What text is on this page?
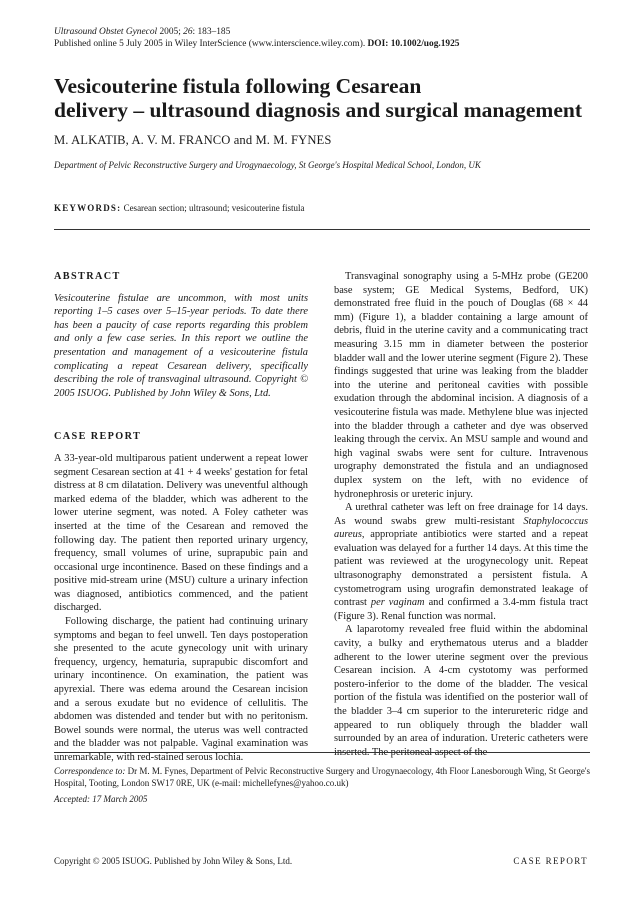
Ultrasound Obstet Gynecol 2005; 26: 183–185
Published online 5 July 2005 in Wiley InterScience (www.interscience.wiley.com). DOI: 10.1002/uog.1925
Vesicouterine fistula following Cesarean
delivery – ultrasound diagnosis and surgical management
M. ALKATIB, A. V. M. FRANCO and M. M. FYNES
Department of Pelvic Reconstructive Surgery and Urogynaecology, St George's Hospital Medical School, London, UK
KEYWORDS: Cesarean section; ultrasound; vesicouterine fistula
ABSTRACT

Vesicouterine fistulae are uncommon, with most units reporting 1–5 cases over 5–15-year periods. To date there has been a paucity of case reports regarding this problem and only a few case series. In this report we outline the presentation and management of a vesicouterine fistula complicating a repeat Cesarean delivery, specifically describing the role of transvaginal ultrasound. Copyright © 2005 ISUOG. Published by John Wiley & Sons, Ltd.

CASE REPORT

A 33-year-old multiparous patient underwent a repeat lower segment Cesarean section at 41 + 4 weeks' gestation for fetal distress at 8 cm dilatation. Delivery was uneventful although marked edema of the bladder, which was adherent to the lower uterine segment, was noted. A Foley catheter was inserted at the time of the Cesarean and removed the following day. The patient then reported urinary urgency, frequency, small volumes of urine, suprapubic pain and occasional urge incontinence. Based on these findings and a positive mid-stream urine (MSU) culture a urinary infection was diagnosed, antibiotics commenced, and the patient discharged.

Following discharge, the patient had continuing urinary symptoms and began to feel unwell. Ten days postoperation she presented to the acute gynecology unit with urinary frequency, urgency, hematuria, suprapubic discomfort and urinary incontinence. On examination, the patient was apyrexial. There was edema around the Cesarean incision and a serous exudate but no evidence of cellulitis. The abdomen was distended and tender but with no peritonism. Bowel sounds were normal, the uterus was well contracted and the bladder was not palpable. Vaginal examination was unremarkable, with red-stained serous lochia.

Transvaginal sonography using a 5-MHz probe (GE200 base system; GE Medical Systems, Bedford, UK) demonstrated free fluid in the pouch of Douglas (68 × 44 mm) (Figure 1), a bladder containing a large amount of debris, fluid in the uterine cavity and a communicating tract measuring 3.15 mm in diameter between the posterior bladder wall and the lower uterine segment (Figure 2). These findings suggested that urine was leaking from the bladder into the uterine and peritoneal cavities with possible exudation through the abdominal incision. A diagnosis of a vesicouterine fistula was made. Methylene blue was injected into the bladder through a catheter and dye was observed leaking through the cervix. An MSU sample and wound and high vaginal swabs were sent for culture. Intravenous urography demonstrated the fistula and an undiagnosed duplex system on the left, with no evidence of hydronephrosis or ureteric injury.

A urethral catheter was left on free drainage for 14 days. As wound swabs grew multi-resistant Staphylococcus aureus, appropriate antibiotics were started and a repeat evaluation was delayed for a further 14 days. At this time the patient was reviewed at the urogynecology unit. Repeat ultrasonography demonstrated a persistent fistula. A cystometrogram using urografin demonstrated leakage of contrast per vaginam and confirmed a 3.4-mm fistula tract (Figure 3). Renal function was normal.

A laparotomy revealed free fluid within the abdominal cavity, a bulky and erythematous uterus and a bladder adherent to the lower uterine segment over the previous Cesarean incision. A 4-cm cystotomy was performed postero-inferior to the dome of the bladder. The vesical portion of the fistula was identified on the posterior wall of the bladder 3–4 cm superior to the interureteric ridge and appeared to run obliquely through the bladder wall surrounded by an area of induration. Ureteric catheters were inserted. The peritoneal aspect of the

Correspondence to: Dr M. M. Fynes, Department of Pelvic Reconstructive Surgery and Urogynaecology, 4th Floor Lanesborough Wing, St George's Hospital, Tooting, London SW17 0RE, UK (e-mail: michellefynes@yahoo.co.uk)
Accepted: 17 March 2005
Copyright © 2005 ISUOG. Published by John Wiley & Sons, Ltd.	CASE REPORT
